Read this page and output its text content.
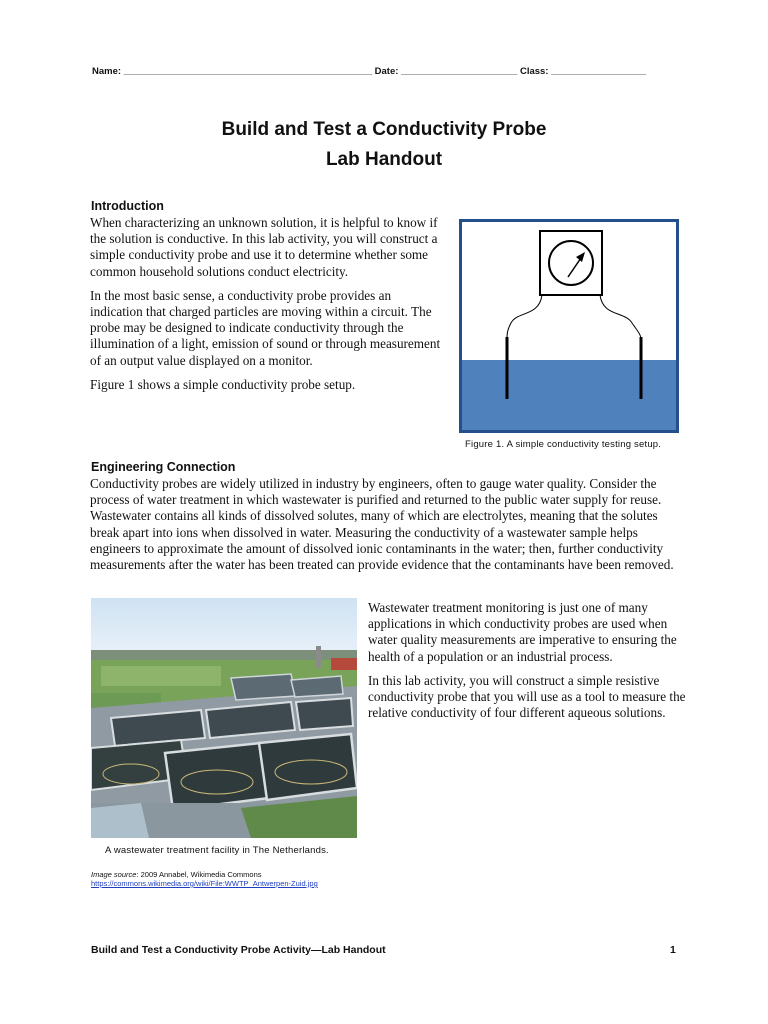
Name: _______________________________________________ Date: ______________________ Class: __________________
Build and Test a Conductivity Probe
Lab Handout
Introduction

When characterizing an unknown solution, it is helpful to know if the solution is conductive. In this lab activity, you will construct a simple conductivity probe and use it to determine whether some common household solutions conduct electricity.

In the most basic sense, a conductivity probe provides an indication that charged particles are moving within a circuit. The probe may be designed to indicate conductivity through the illumination of a light, emission of sound or through measurement of an output value displayed on a monitor.

Figure 1 shows a simple conductivity probe setup.

Figure 1. A simple conductivity testing setup.
Engineering Connection

Conductivity probes are widely utilized in industry by engineers, often to gauge water quality. Consider the process of water treatment in which wastewater is purified and returned to the public water supply for reuse. Wastewater contains all kinds of dissolved solutes, many of which are electrolytes, meaning that the solutes break apart into ions when dissolved in water. Measuring the conductivity of a wastewater sample helps engineers to approximate the amount of dissolved ionic contaminants in the water; then, further conductivity measurements after the water has been treated can provide evidence that the contaminants have been removed.

A wastewater treatment facility in The Netherlands.
Image source: 2009 Annabel, Wikimedia Commons
https://commons.wikimedia.org/wiki/File:WWTP_Antwerpen-Zuid.jpg

Wastewater treatment monitoring is just one of many applications in which conductivity probes are used when water quality measurements are imperative to ensuring the health of a population or an industrial process.

In this lab activity, you will construct a simple resistive conductivity probe that you will use as a tool to measure the relative conductivity of four different aqueous solutions.

Build and Test a Conductivity Probe Activity—Lab Handout	1
